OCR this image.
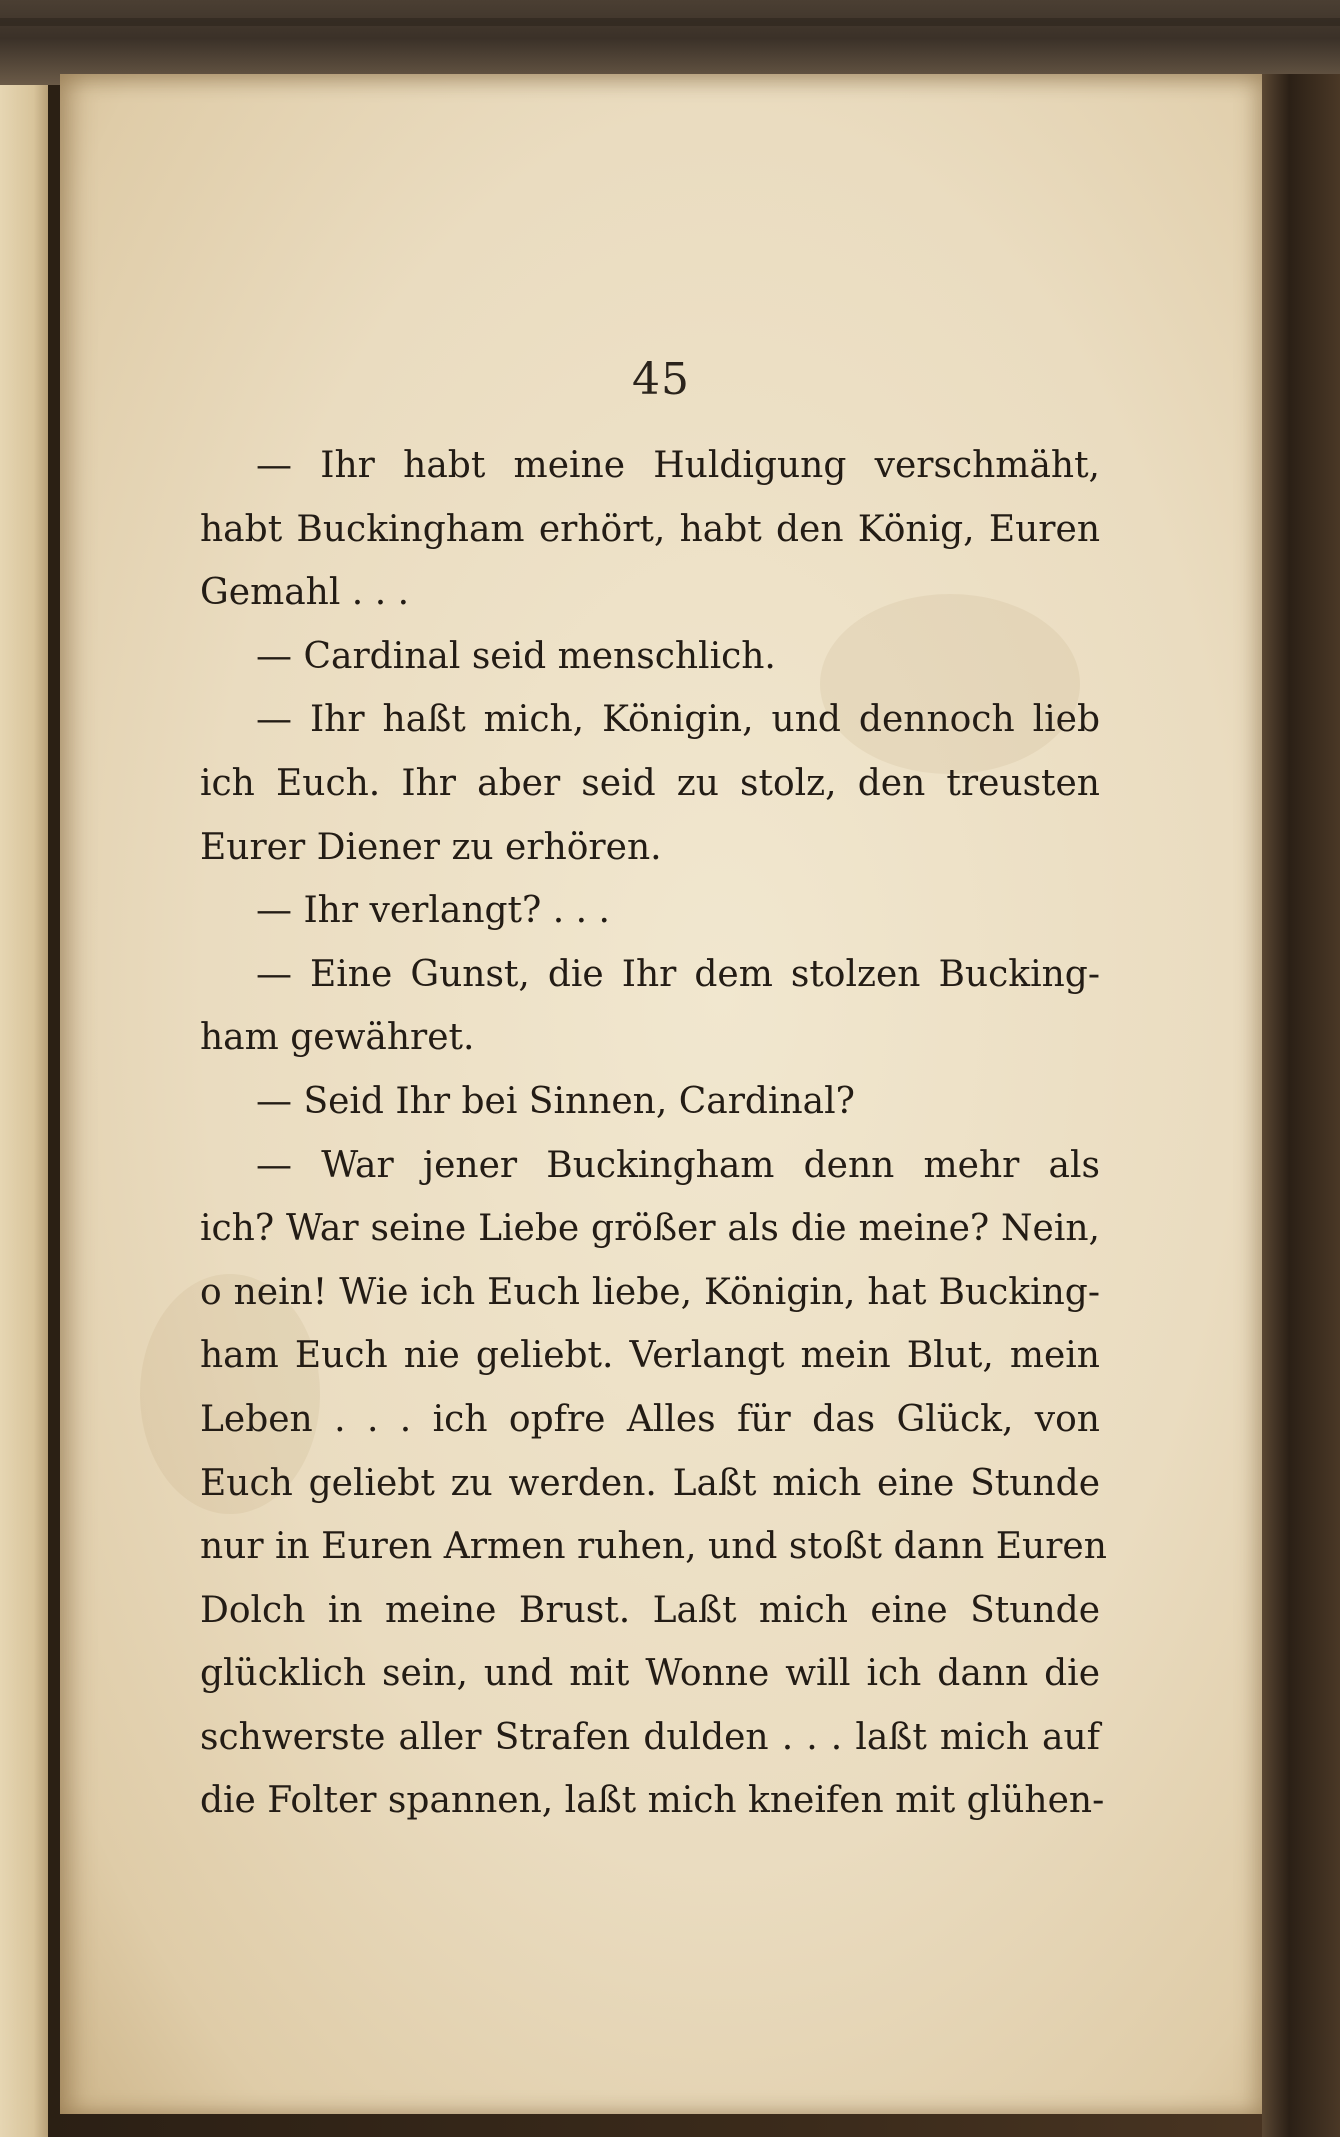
45
— Ihr habt meine Huldigung verschmäht,
habt Buckingham erhört, habt den König, Euren
Gemahl . . .
— Cardinal seid menschlich.
— Ihr haßt mich, Königin, und dennoch lieb
ich Euch. Ihr aber seid zu stolz, den treusten
Eurer Diener zu erhören.
— Ihr verlangt? . . .
— Eine Gunst, die Ihr dem stolzen Bucking-
ham gewähret.
— Seid Ihr bei Sinnen, Cardinal?
— War jener Buckingham denn mehr als
ich? War seine Liebe größer als die meine? Nein,
o nein! Wie ich Euch liebe, Königin, hat Bucking-
ham Euch nie geliebt. Verlangt mein Blut, mein
Leben . . . ich opfre Alles für das Glück, von
Euch geliebt zu werden. Laßt mich eine Stunde
nur in Euren Armen ruhen, und stoßt dann Euren
Dolch in meine Brust. Laßt mich eine Stunde
glücklich sein, und mit Wonne will ich dann die
schwerste aller Strafen dulden . . . laßt mich auf
die Folter spannen, laßt mich kneifen mit glühen-
